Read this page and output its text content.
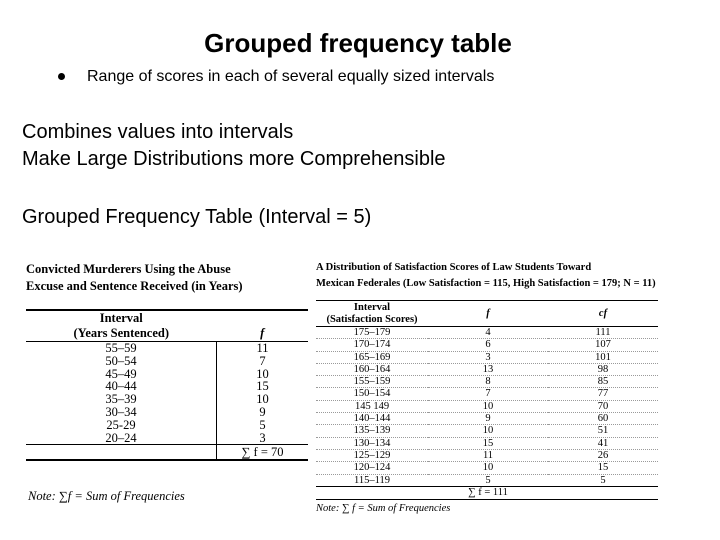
Grouped frequency table
Range of scores in each of several equally sized intervals
Combines values into intervals
Make Large Distributions more Comprehensible
Grouped Frequency Table (Interval = 5)
Convicted Murderers Using the Abuse
Excuse and Sentence Received (in Years)
Interval	
(Years Sentenced)	f
55–59	11
50–54	7
45–49	10
40–44	15
35–39	10
30–34	9
25-29	5
20–24	3
	∑ f = 70
Note: ∑f = Sum of Frequencies
A Distribution of Satisfaction Scores of Law Students Toward
Mexican Federales (Low Satisfaction = 115, High Satisfaction = 179; N = 11)
Interval
(Satisfaction Scores)	f	cf
175–179	4	111
170–174	6	107
165–169	3	101
160–164	13	98
155–159	8	85
150–154	7	77
145 149	10	70
140–144	9	60
135–139	10	51
130–134	15	41
125–129	11	26
120–124	10	15
115–119	5	5
	∑ f = 111	
Note: ∑ f = Sum of Frequencies
